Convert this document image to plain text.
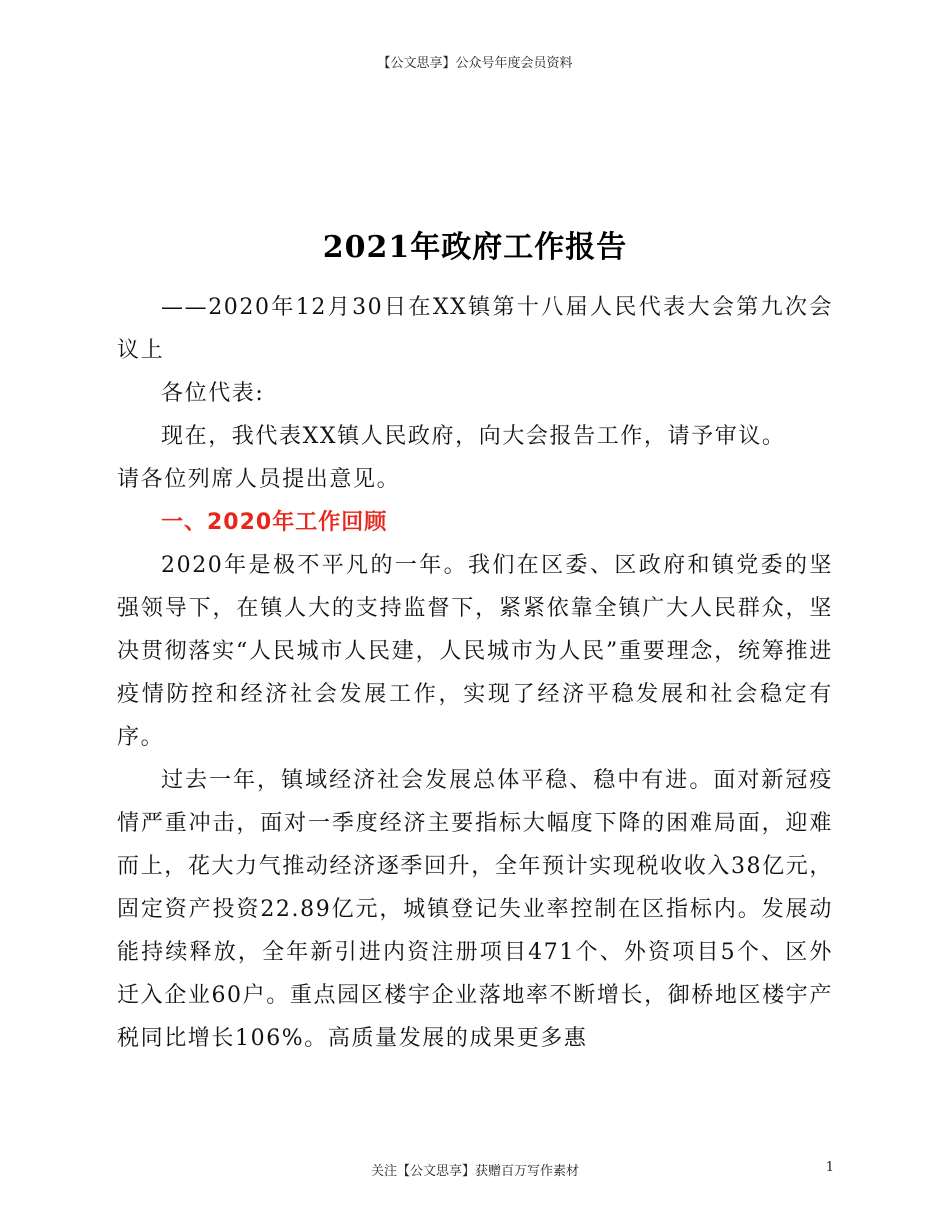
【公文思享】公众号年度会员资料
2021年政府工作报告

——2020年12月30日在XX镇第十八届人民代表大会第九次会议上

各位代表:

现在，我代表XX镇人民政府，向大会报告工作，请予审议。

请各位列席人员提出意见。

一、2020年工作回顾

2020年是极不平凡的一年。我们在区委、区政府和镇党委的坚强领导下，在镇人大的支持监督下，紧紧依靠全镇广大人民群众，坚决贯彻落实“人民城市人民建，人民城市为人民”重要理念，统筹推进疫情防控和经济社会发展工作，实现了经济平稳发展和社会稳定有序。

过去一年，镇域经济社会发展总体平稳、稳中有进。面对新冠疫情严重冲击，面对一季度经济主要指标大幅度下降的困难局面，迎难而上，花大力气推动经济逐季回升，全年预计实现税收收入38亿元，固定资产投资22.89亿元，城镇登记失业率控制在区指标内。发展动能持续释放，全年新引进内资注册项目471个、外资项目5个、区外迁入企业60户。重点园区楼宇企业落地率不断增长，御桥地区楼宇产税同比增长106%。高质量发展的成果更多惠

关注【公文思享】获赠百万写作素材	1
